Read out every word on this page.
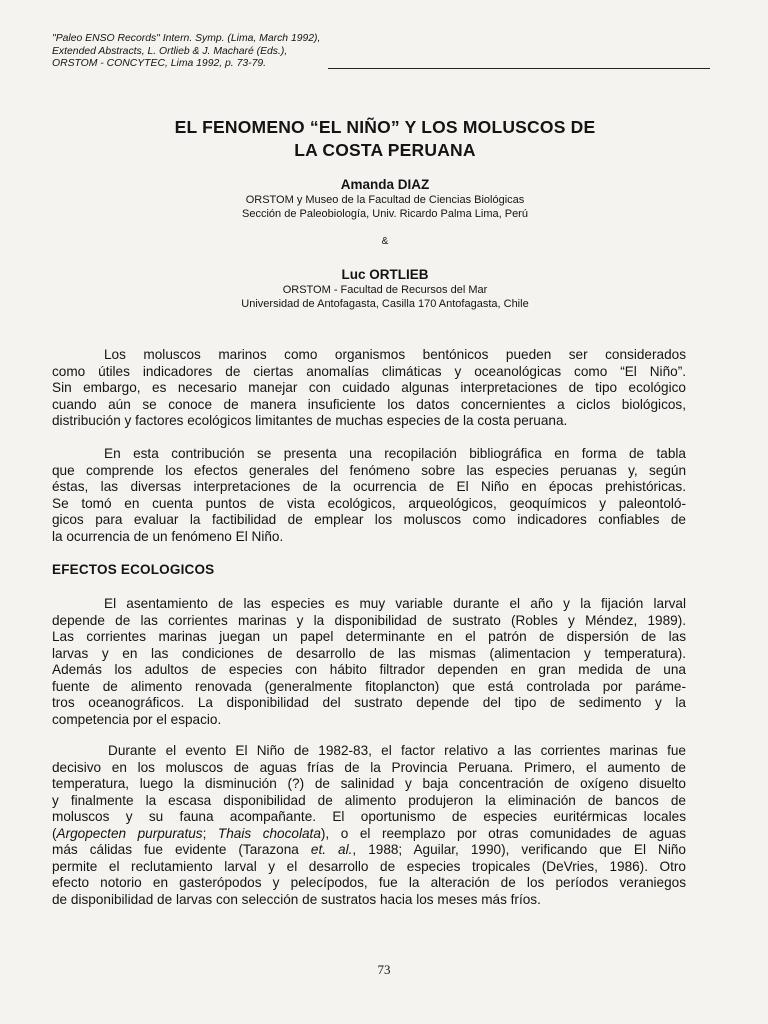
"Paleo ENSO Records" Intern. Symp. (Lima, March 1992),
Extended Abstracts, L. Ortlieb & J. Macharé (Eds.),
ORSTOM - CONCYTEC, Lima 1992, p. 73-79.
EL FENOMENO “EL NIÑO” Y LOS MOLUSCOS DE
LA COSTA PERUANA
Amanda DIAZ
ORSTOM y Museo de la Facultad de Ciencias Biológicas
Sección de Paleobiología, Univ. Ricardo Palma Lima, Perú
&
Luc ORTLIEB
ORSTOM - Facultad de Recursos del Mar
Universidad de Antofagasta, Casilla 170 Antofagasta, Chile

Los moluscos marinos como organismos bentónicos pueden ser considerados
como útiles indicadores de ciertas anomalías climáticas y oceanológicas como “El Niño”.
Sin embargo, es necesario manejar con cuidado algunas interpretaciones de tipo ecológico
cuando aún se conoce de manera insuficiente los datos concernientes a ciclos biológicos,
distribución y factores ecológicos limitantes de muchas especies de la costa peruana.

En esta contribución se presenta una recopilación bibliográfica en forma de tabla
que comprende los efectos generales del fenómeno sobre las especies peruanas y, según
éstas, las diversas interpretaciones de la ocurrencia de El Niño en épocas prehistóricas.
Se tomó en cuenta puntos de vista ecológicos, arqueológicos, geoquímicos y paleontoló-
gicos para evaluar la factibilidad de emplear los moluscos como indicadores confiables de
la ocurrencia de un fenómeno El Niño.

EFECTOS ECOLOGICOS

El asentamiento de las especies es muy variable durante el año y la fijación larval
depende de las corrientes marinas y la disponibilidad de sustrato (Robles y Méndez, 1989).
Las corrientes marinas juegan un papel determinante en el patrón de dispersión de las
larvas y en las condiciones de desarrollo de las mismas (alimentacion y temperatura).
Además los adultos de especies con hábito filtrador dependen en gran medida de una
fuente de alimento renovada (generalmente fitoplancton) que está controlada por paráme-
tros oceanográficos. La disponibilidad del sustrato depende del tipo de sedimento y la
competencia por el espacio.

Durante el evento El Niño de 1982-83, el factor relativo a las corrientes marinas fue
decisivo en los moluscos de aguas frías de la Provincia Peruana. Primero, el aumento de
temperatura, luego la disminución (?) de salinidad y baja concentración de oxígeno disuelto
y finalmente la escasa disponibilidad de alimento produjeron la eliminación de bancos de
moluscos y su fauna acompañante. El oportunismo de especies euritérmicas locales
(Argopecten purpuratus; Thais chocolata), o el reemplazo por otras comunidades de aguas
más cálidas fue evidente (Tarazona et. al., 1988; Aguilar, 1990), verificando que El Niño
permite el reclutamiento larval y el desarrollo de especies tropicales (DeVries, 1986). Otro
efecto notorio en gasterópodos y pelecípodos, fue la alteración de los períodos veraniegos
de disponibilidad de larvas con selección de sustratos hacia los meses más fríos.

73
